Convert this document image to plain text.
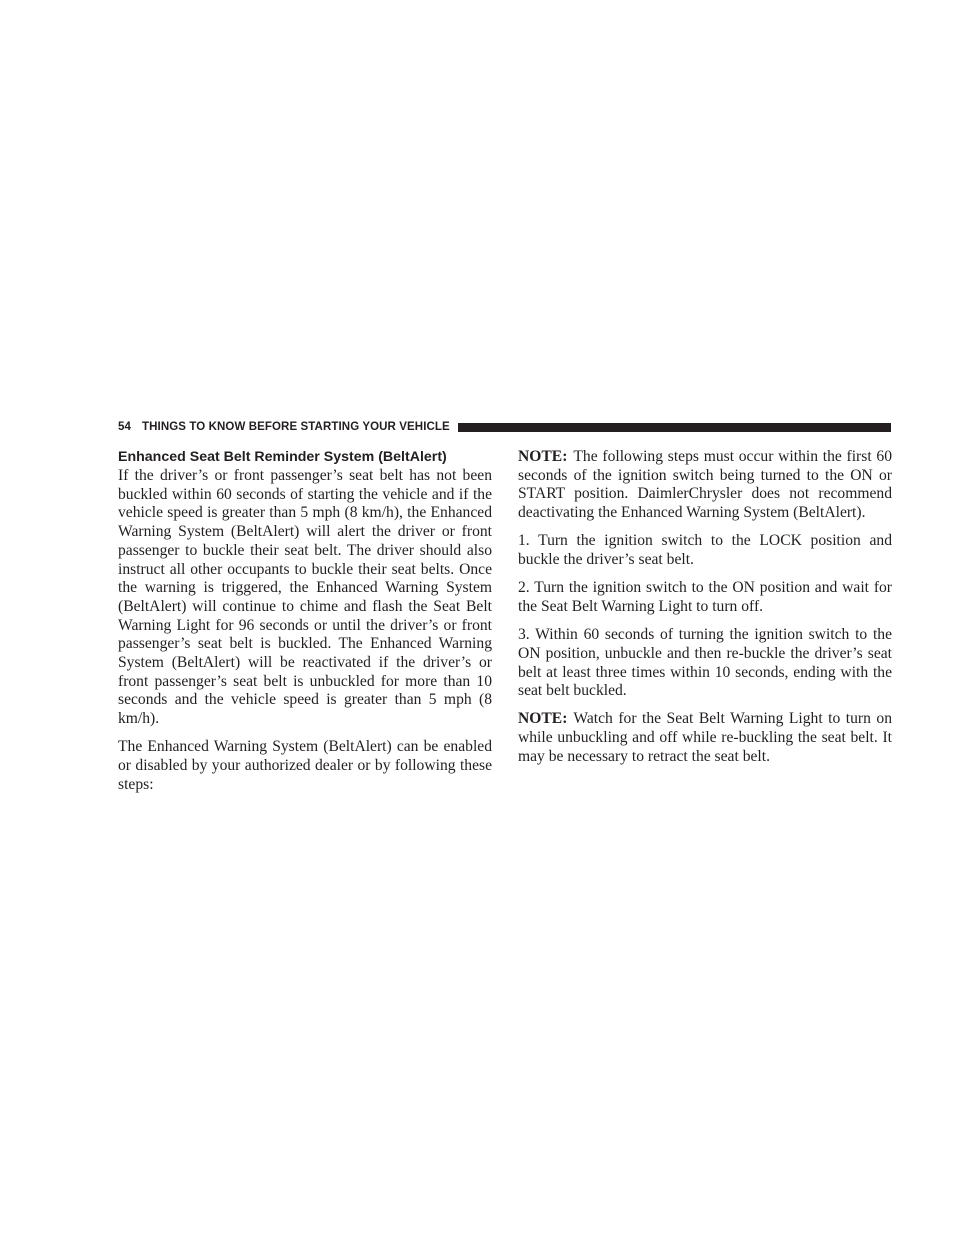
54 THINGS TO KNOW BEFORE STARTING YOUR VEHICLE
Enhanced Seat Belt Reminder System (BeltAlert)

If the driver’s or front passenger’s seat belt has not been buckled within 60 seconds of starting the vehicle and if the vehicle speed is greater than 5 mph (8 km/h), the Enhanced Warning System (BeltAlert) will alert the driver or front passenger to buckle their seat belt. The driver should also instruct all other occupants to buckle their seat belts. Once the warning is triggered, the Enhanced Warning System (BeltAlert) will continue to chime and flash the Seat Belt Warning Light for 96 seconds or until the driver’s or front passenger’s seat belt is buckled. The Enhanced Warning System (BeltAlert) will be reactivated if the driver’s or front passenger’s seat belt is unbuckled for more than 10 seconds and the vehicle speed is greater than 5 mph (8 km/h).

The Enhanced Warning System (BeltAlert) can be enabled or disabled by your authorized dealer or by following these steps:

NOTE: The following steps must occur within the first 60 seconds of the ignition switch being turned to the ON or START position. DaimlerChrysler does not recommend deactivating the Enhanced Warning System (BeltAlert).

1. Turn the ignition switch to the LOCK position and buckle the driver’s seat belt.

2. Turn the ignition switch to the ON position and wait for the Seat Belt Warning Light to turn off.

3. Within 60 seconds of turning the ignition switch to the ON position, unbuckle and then re-buckle the driver’s seat belt at least three times within 10 seconds, ending with the seat belt buckled.

NOTE: Watch for the Seat Belt Warning Light to turn on while unbuckling and off while re-buckling the seat belt. It may be necessary to retract the seat belt.
